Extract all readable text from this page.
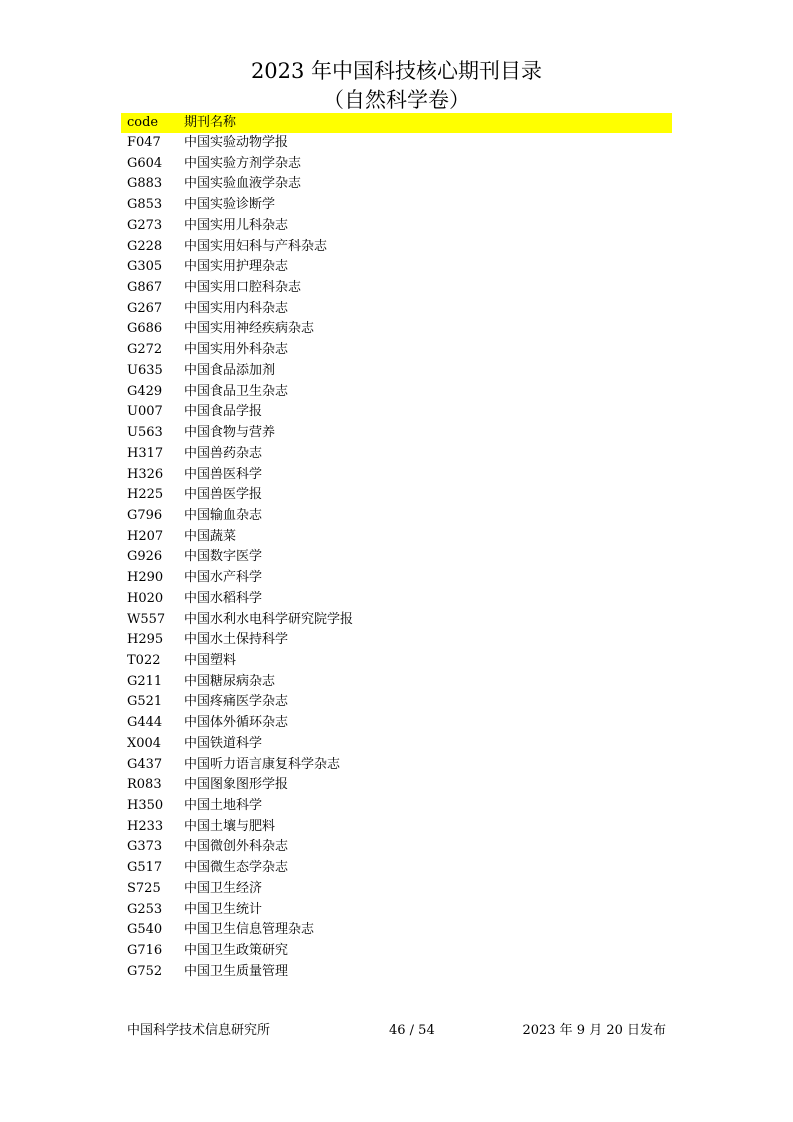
2023 年中国科技核心期刊目录
（自然科学卷）
code 期刊名称
F047 中国实验动物学报
G604 中国实验方剂学杂志
G883 中国实验血液学杂志
G853 中国实验诊断学
G273 中国实用儿科杂志
G228 中国实用妇科与产科杂志
G305 中国实用护理杂志
G867 中国实用口腔科杂志
G267 中国实用内科杂志
G686 中国实用神经疾病杂志
G272 中国实用外科杂志
U635 中国食品添加剂
G429 中国食品卫生杂志
U007 中国食品学报
U563 中国食物与营养
H317 中国兽药杂志
H326 中国兽医科学
H225 中国兽医学报
G796 中国输血杂志
H207 中国蔬菜
G926 中国数字医学
H290 中国水产科学
H020 中国水稻科学
W557 中国水利水电科学研究院学报
H295 中国水土保持科学
T022 中国塑料
G211 中国糖尿病杂志
G521 中国疼痛医学杂志
G444 中国体外循环杂志
X004 中国铁道科学
G437 中国听力语言康复科学杂志
R083 中国图象图形学报
H350 中国土地科学
H233 中国土壤与肥料
G373 中国微创外科杂志
G517 中国微生态学杂志
S725 中国卫生经济
G253 中国卫生统计
G540 中国卫生信息管理杂志
G716 中国卫生政策研究
G752 中国卫生质量管理
中国科学技术信息研究所	46 / 54	2023 年 9 月 20 日发布
